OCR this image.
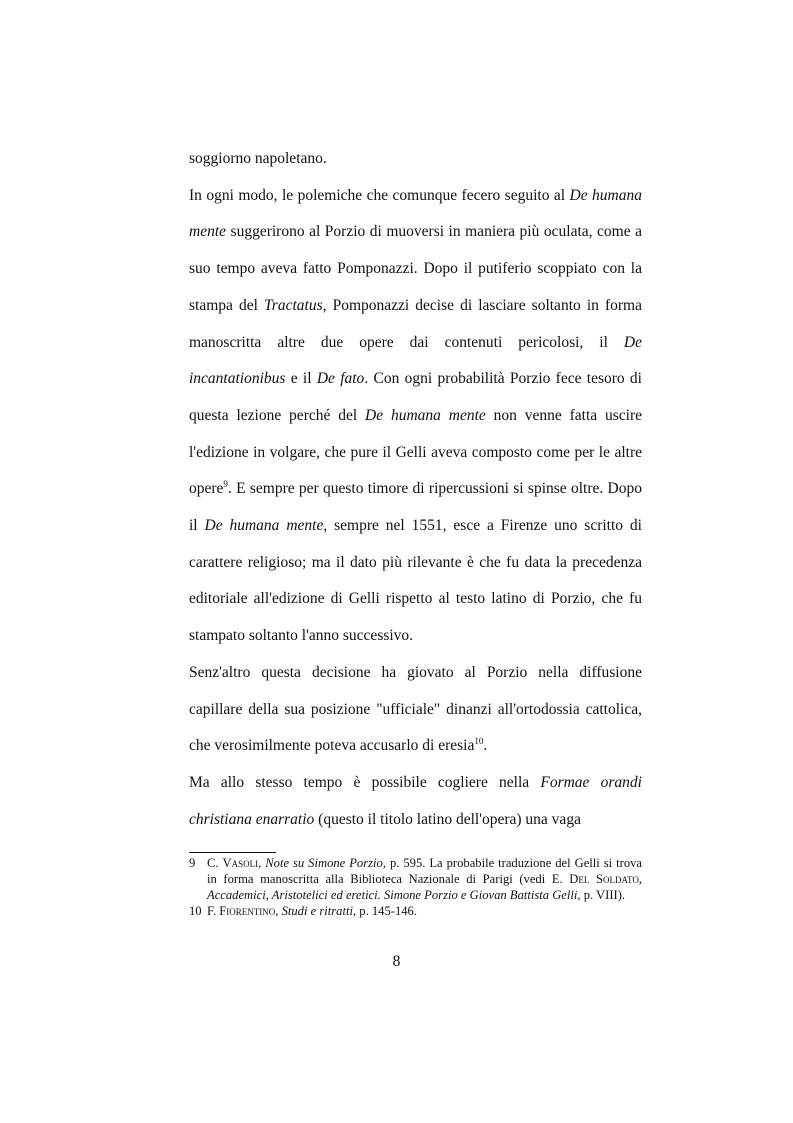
soggiorno napoletano.

In ogni modo, le polemiche che comunque fecero seguito al De humana mente suggerirono al Porzio di muoversi in maniera più oculata, come a suo tempo aveva fatto Pomponazzi. Dopo il putiferio scoppiato con la stampa del Tractatus, Pomponazzi decise di lasciare soltanto in forma manoscritta altre due opere dai contenuti pericolosi, il De incantationibus e il De fato. Con ogni probabilità Porzio fece tesoro di questa lezione perché del De humana mente non venne fatta uscire l'edizione in volgare, che pure il Gelli aveva composto come per le altre opere$^9$. E sempre per questo timore di ripercussioni si spinse oltre. Dopo il De humana mente, sempre nel 1551, esce a Firenze uno scritto di carattere religioso; ma il dato più rilevante è che fu data la precedenza editoriale all'edizione di Gelli rispetto al testo latino di Porzio, che fu stampato soltanto l'anno successivo.

Senz'altro questa decisione ha giovato al Porzio nella diffusione capillare della sua posizione "ufficiale" dinanzi all'ortodossia cattolica, che verosimilmente poteva accusarlo di eresia$^{10}$.

Ma allo stesso tempo è possibile cogliere nella Formae orandi christiana enarratio (questo il titolo latino dell'opera) una vaga

9 C. Vasoli, Note su Simone Porzio, p. 595. La probabile traduzione del Gelli si trova in forma manoscritta alla Biblioteca Nazionale di Parigi (vedi E. Del Soldato, Accademici, Aristotelici ed eretici. Simone Porzio e Giovan Battista Gelli, p. VIII).
10 F. Fiorentino, Studi e ritratti, p. 145-146.
8
